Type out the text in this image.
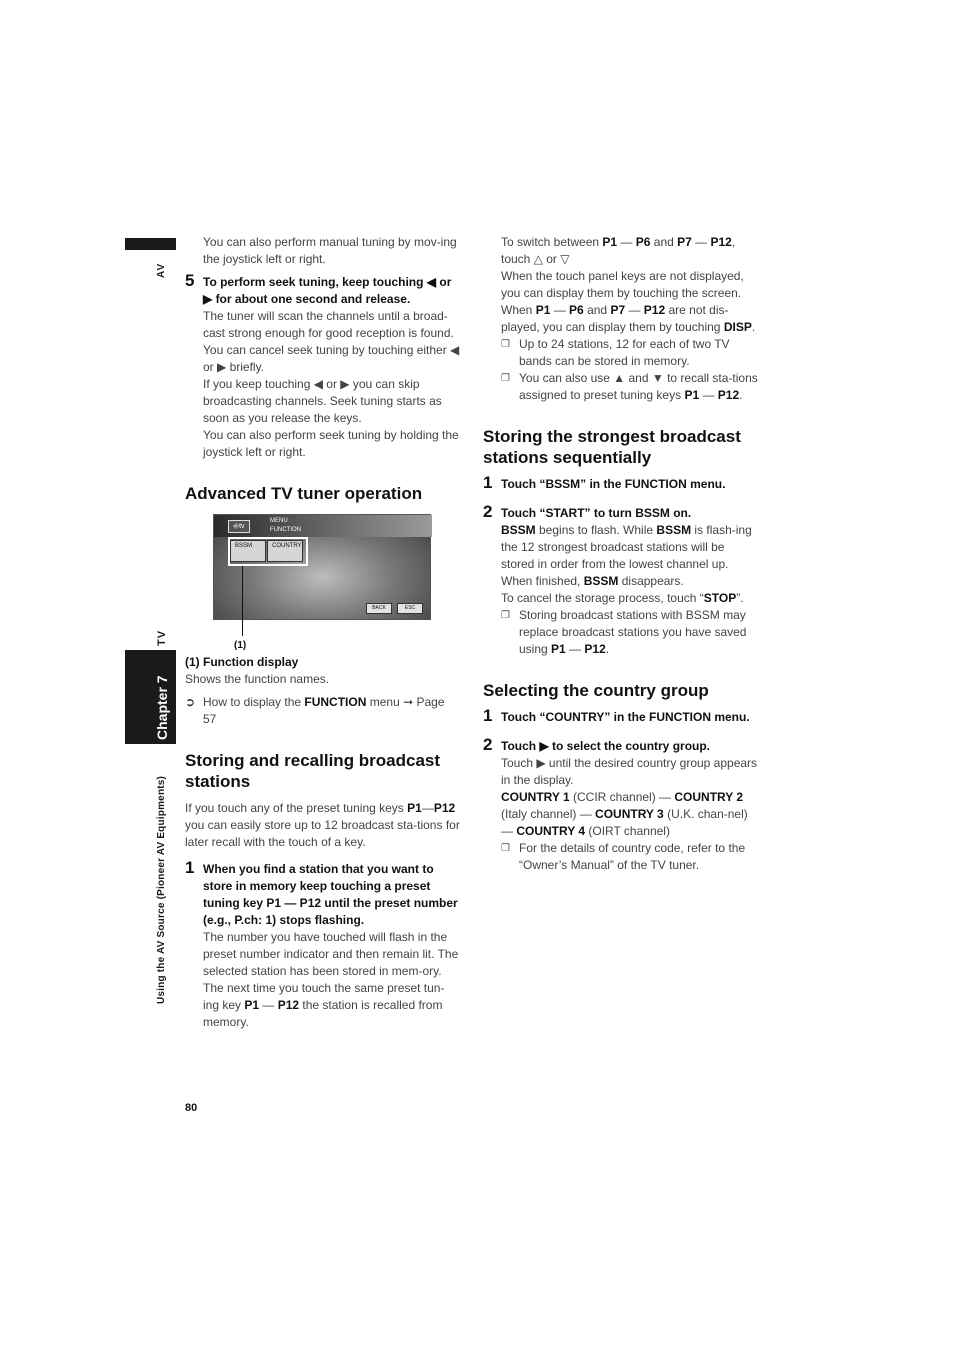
AV
TV
Chapter 7
Using the AV Source (Pioneer AV Equipments)

You can also perform manual tuning by mov-ing the joystick left or right.

5 To perform seek tuning, keep touching ◀ or ▶ for about one second and release.

The tuner will scan the channels until a broad-cast strong enough for good reception is found.

You can cancel seek tuning by touching either ◀ or ▶ briefly.

If you keep touching ◀ or ▶ you can skip broadcasting channels. Seek tuning starts as soon as you release the keys.

You can also perform seek tuning by holding the joystick left or right.

Advanced TV tuner operation
⎆tv
MENU
FUNCTION
BSSM	COUNTRY
BACK	ESC
(1)

(1) Function display

Shows the function names.

➲ How to display the FUNCTION menu ➞ Page 57

Storing and recalling broadcast stations

If you touch any of the preset tuning keys P1—P12 you can easily store up to 12 broadcast sta-tions for later recall with the touch of a key.

1 When you find a station that you want to store in memory keep touching a preset tuning key P1 — P12 until the preset number (e.g., P.ch: 1) stops flashing.

The number you have touched will flash in the preset number indicator and then remain lit. The selected station has been stored in mem-ory.

The next time you touch the same preset tun-ing key P1 — P12 the station is recalled from memory.

To switch between P1 — P6 and P7 — P12, touch △ or ▽

When the touch panel keys are not displayed, you can display them by touching the screen.

When P1 — P6 and P7 — P12 are not dis-played, you can display them by touching DISP.

❐ Up to 24 stations, 12 for each of two TV bands can be stored in memory.

❐ You can also use ▲ and ▼ to recall sta-tions assigned to preset tuning keys P1 — P12.

Storing the strongest broadcast stations sequentially
1 Touch “BSSM” in the FUNCTION menu.
2 Touch “START” to turn BSSM on.

BSSM begins to flash. While BSSM is flash-ing the 12 strongest broadcast stations will be stored in order from the lowest channel up.

When finished, BSSM disappears.

To cancel the storage process, touch “STOP”.

❐ Storing broadcast stations with BSSM may replace broadcast stations you have saved using P1 — P12.

Selecting the country group
1 Touch “COUNTRY” in the FUNCTION menu.
2 Touch ▶ to select the country group.

Touch ▶ until the desired country group appears in the display.

COUNTRY 1 (CCIR channel) — COUNTRY 2 (Italy channel) — COUNTRY 3 (U.K. chan-nel) — COUNTRY 4 (OIRT channel)

❐ For the details of country code, refer to the “Owner’s Manual” of the TV tuner.

80
